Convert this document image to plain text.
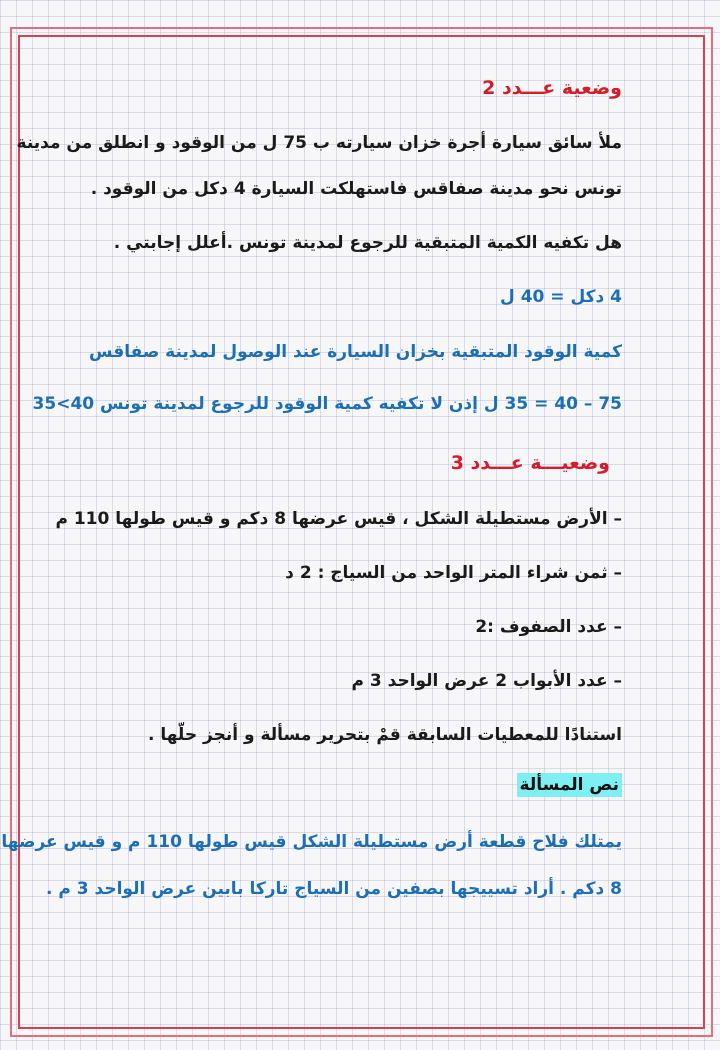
وضعية عـــدد 2
ملأ سائق سيارة أجرة خزان سيارته ب 75 ل من الوقود و انطلق من مدينة
تونس نحو مدينة صفاقس فاستهلكت السيارة 4 دكل من الوقود .
هل تكفيه الكمية المتبقية للرجوع لمدينة تونس .أعلل إجابتي .
4 دكل = 40 ل
كمية الوقود المتبقية بخزان السيارة عند الوصول لمدينة صفاقس
75 – 40 = 35 ل إذن لا تكفيه كمية الوقود للرجوع لمدينة تونس 40>35
وضعيـــة عـــدد 3
– الأرض مستطيلة الشكل ، قيس عرضها 8 دكم و قيس طولها 110 م
– ثمن شراء المتر الواحد من السياج : 2 د
– عدد الصفوف :2
– عدد الأبواب 2 عرض الواحد 3 م
استنادًا للمعطيات السابقة قمْ بتحرير مسألة و أنجز حلّها .
نص المسألة
يمتلك فلاح قطعة أرض مستطيلة الشكل قيس طولها 110 م و قيس عرضها
8 دكم . أراد تسييجها بصفين من السياج تاركا بابين عرض الواحد 3 م .
